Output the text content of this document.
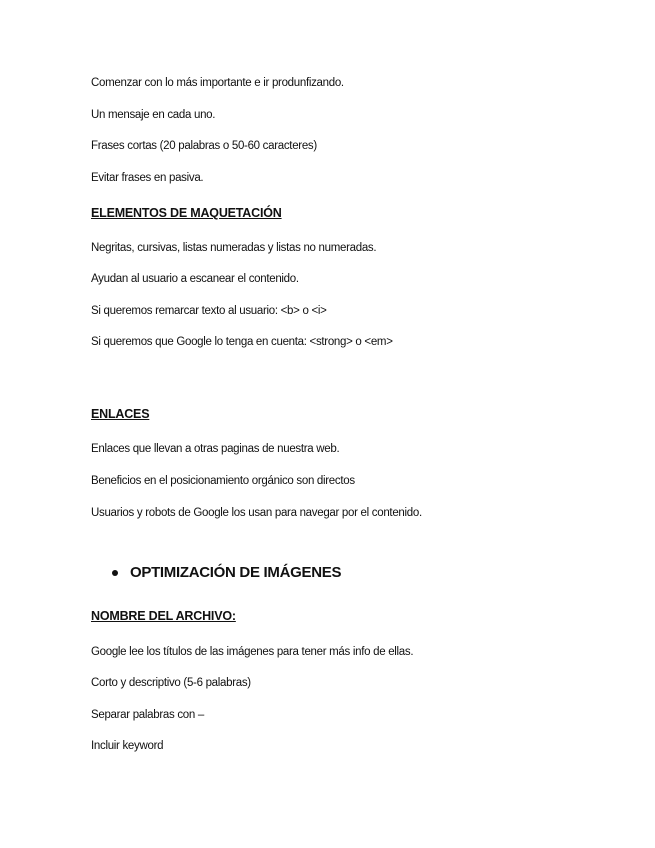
Comenzar con lo más importante e ir produnfizando.
Un mensaje en cada uno.
Frases cortas (20 palabras o 50-60 caracteres)
Evitar frases en pasiva.
ELEMENTOS DE MAQUETACIÓN
Negritas, cursivas, listas numeradas y listas no numeradas.
Ayudan al usuario a escanear el contenido.
Si queremos remarcar texto al usuario: <b> o <i>
Si queremos que Google lo tenga en cuenta: <strong> o <em>
ENLACES
Enlaces que llevan a otras paginas de nuestra web.
Beneficios en el posicionamiento orgánico son directos
Usuarios y robots de Google los usan para navegar por el contenido.
OPTIMIZACIÓN DE IMÁGENES
NOMBRE DEL ARCHIVO:
Google lee los títulos de las imágenes para tener más info de ellas.
Corto y descriptivo (5-6 palabras)
Separar palabras con –
Incluir keyword
